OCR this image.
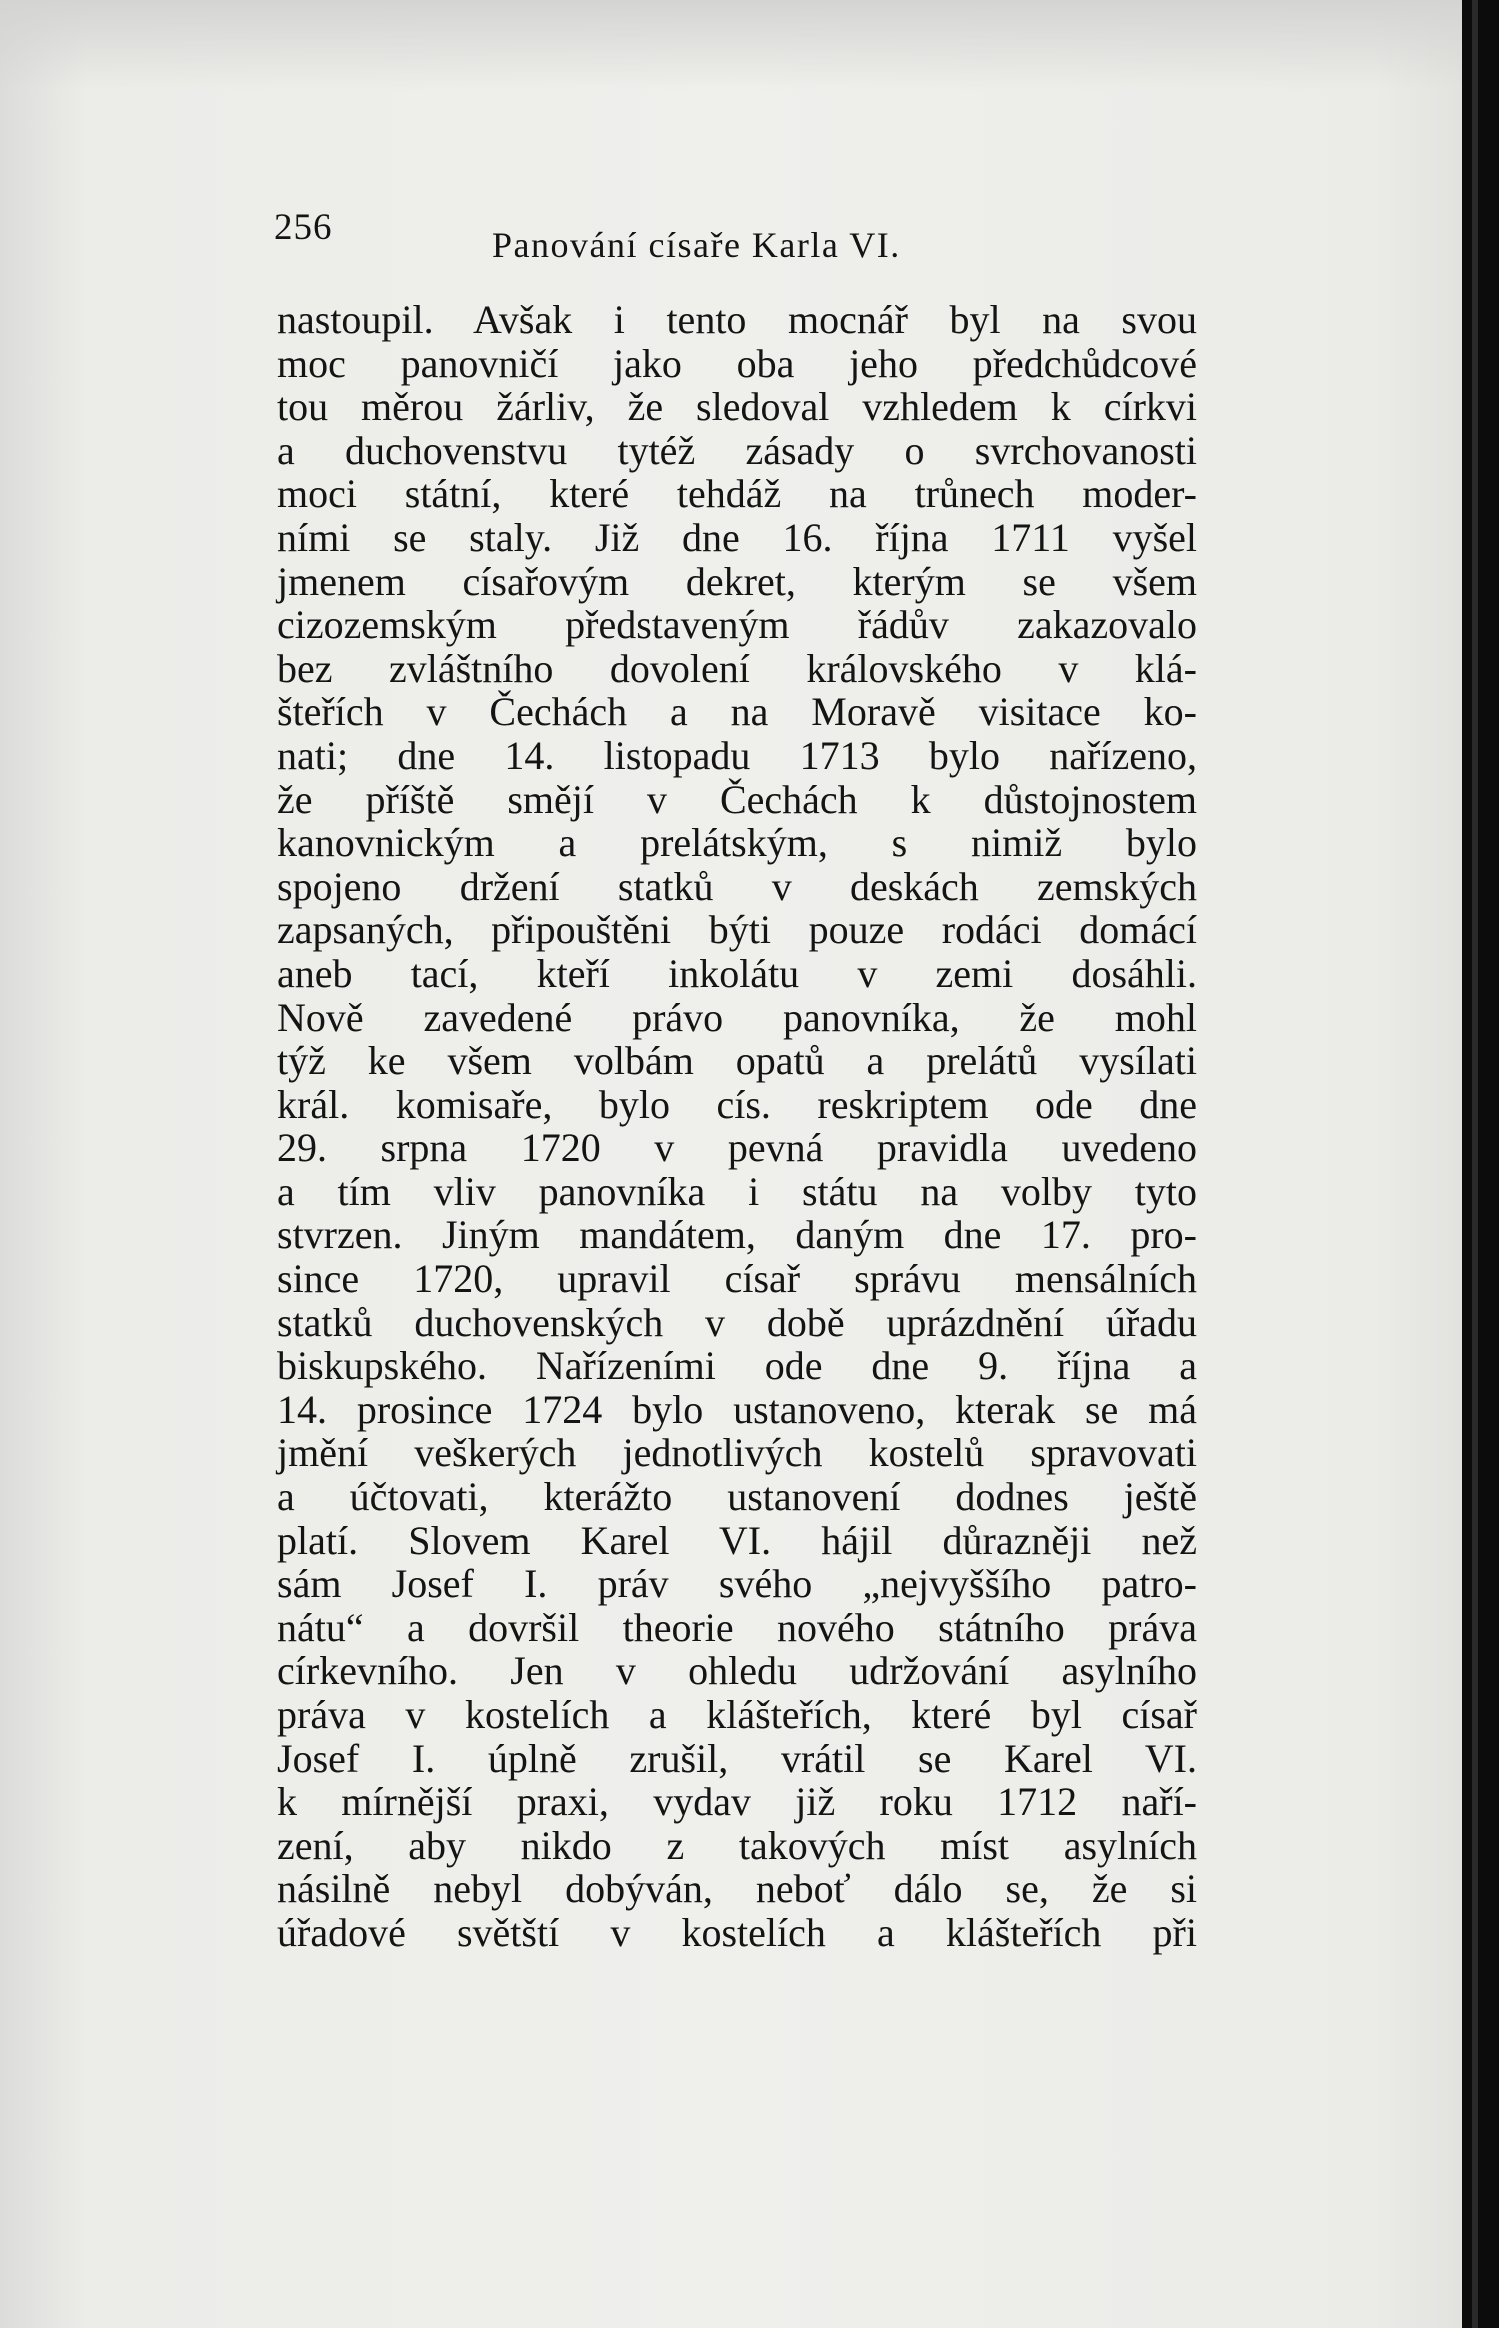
256	Panování císaře Karla VI.

nastoupil. Avšak i tento mocnář byl na svou
moc panovničí jako oba jeho předchůdcové
tou měrou žárliv, že sledoval vzhledem k církvi
a duchovenstvu tytéž zásady o svrchovanosti
moci státní, které tehdáž na trůnech moder-
ními se staly. Již dne 16. října 1711 vyšel
jmenem císařovým dekret, kterým se všem
cizozemským představeným řádův zakazovalo
bez zvláštního dovolení královského v klá-
šteřích v Čechách a na Moravě visitace ko-
nati; dne 14. listopadu 1713 bylo nařízeno,
že příště smějí v Čechách k důstojnostem
kanovnickým a prelátským, s nimiž bylo
spojeno držení statků v deskách zemských
zapsaných, připouštěni býti pouze rodáci domácí
aneb tací, kteří inkolátu v zemi dosáhli.
Nově zavedené právo panovníka, že mohl
týž ke všem volbám opatů a prelátů vysílati
král. komisaře, bylo cís. reskriptem ode dne
29. srpna 1720 v pevná pravidla uvedeno
a tím vliv panovníka i státu na volby tyto
stvrzen. Jiným mandátem, daným dne 17. pro-
since 1720, upravil císař správu mensálních
statků duchovenských v době uprázdnění úřadu
biskupského. Nařízeními ode dne 9. října a
14. prosince 1724 bylo ustanoveno, kterak se má
jmění veškerých jednotlivých kostelů spravovati
a účtovati, kterážto ustanovení dodnes ještě
platí. Slovem Karel VI. hájil důrazněji než
sám Josef I. práv svého „nejvyššího patro-
nátu“ a dovršil theorie nového státního práva
církevního. Jen v ohledu udržování asylního
práva v kostelích a klášteřích, které byl císař
Josef I. úplně zrušil, vrátil se Karel VI.
k mírnější praxi, vydav již roku 1712 naří-
zení, aby nikdo z takových míst asylních
násilně nebyl dobýván, neboť dálo se, že si
úřadové světští v kostelích a klášteřích při
